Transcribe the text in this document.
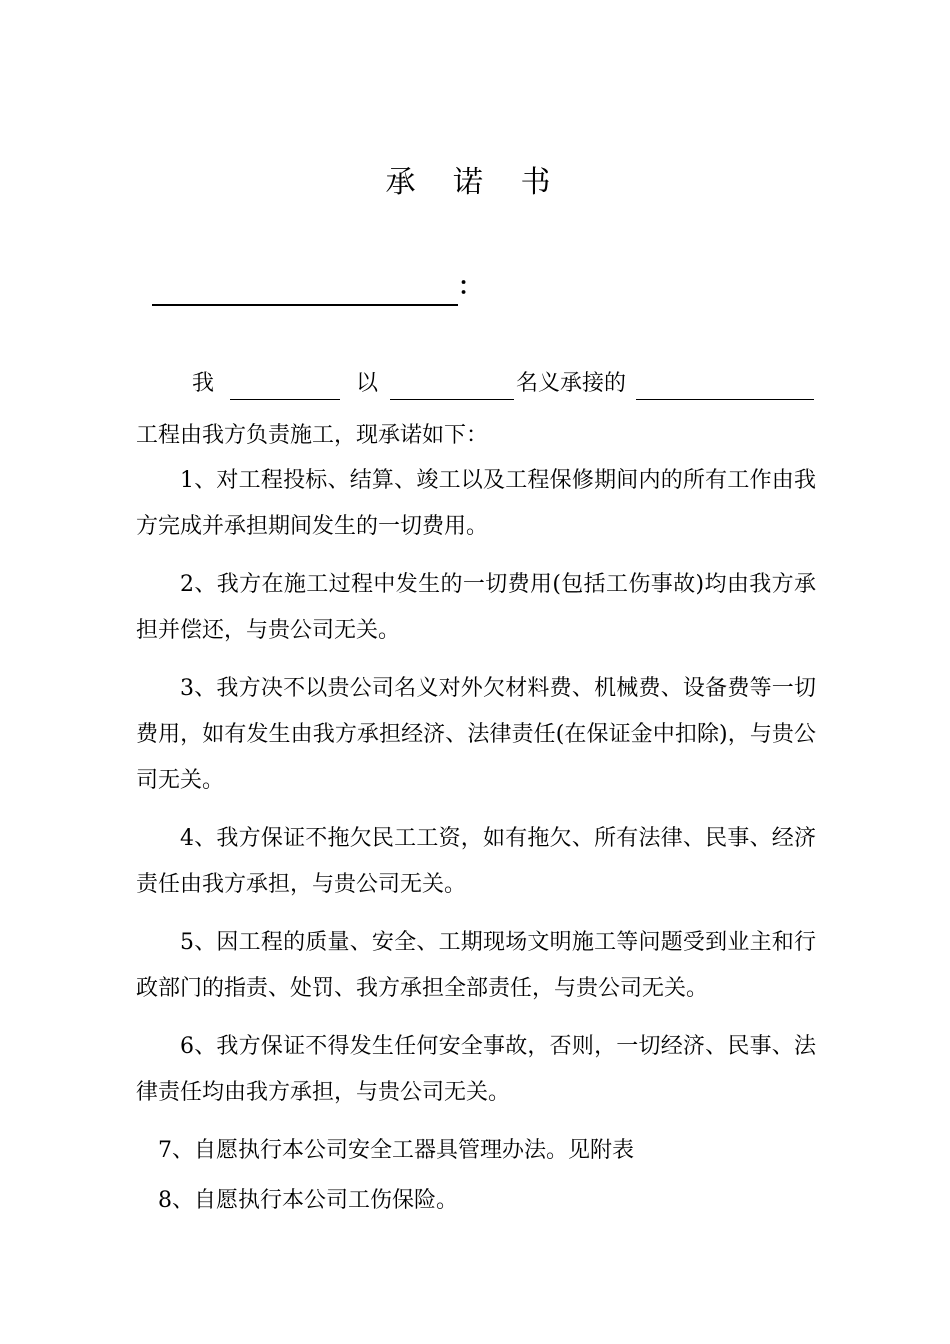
承 诺 书
：
我	以	名义承接的
工程由我方负责施工，现承诺如下：
1、对工程投标、结算、竣工以及工程保修期间内的所有工作由我方完成并承担期间发生的一切费用。
2、我方在施工过程中发生的一切费用(包括工伤事故)均由我方承担并偿还，与贵公司无关。
3、我方决不以贵公司名义对外欠材料费、机械费、设备费等一切费用，如有发生由我方承担经济、法律责任(在保证金中扣除)，与贵公司无关。
4、我方保证不拖欠民工工资，如有拖欠、所有法律、民事、经济责任由我方承担，与贵公司无关。
5、因工程的质量、安全、工期现场文明施工等问题受到业主和行政部门的指责、处罚、我方承担全部责任，与贵公司无关。
6、我方保证不得发生任何安全事故，否则，一切经济、民事、法律责任均由我方承担，与贵公司无关。
7、自愿执行本公司安全工器具管理办法。见附表
8、自愿执行本公司工伤保险。
